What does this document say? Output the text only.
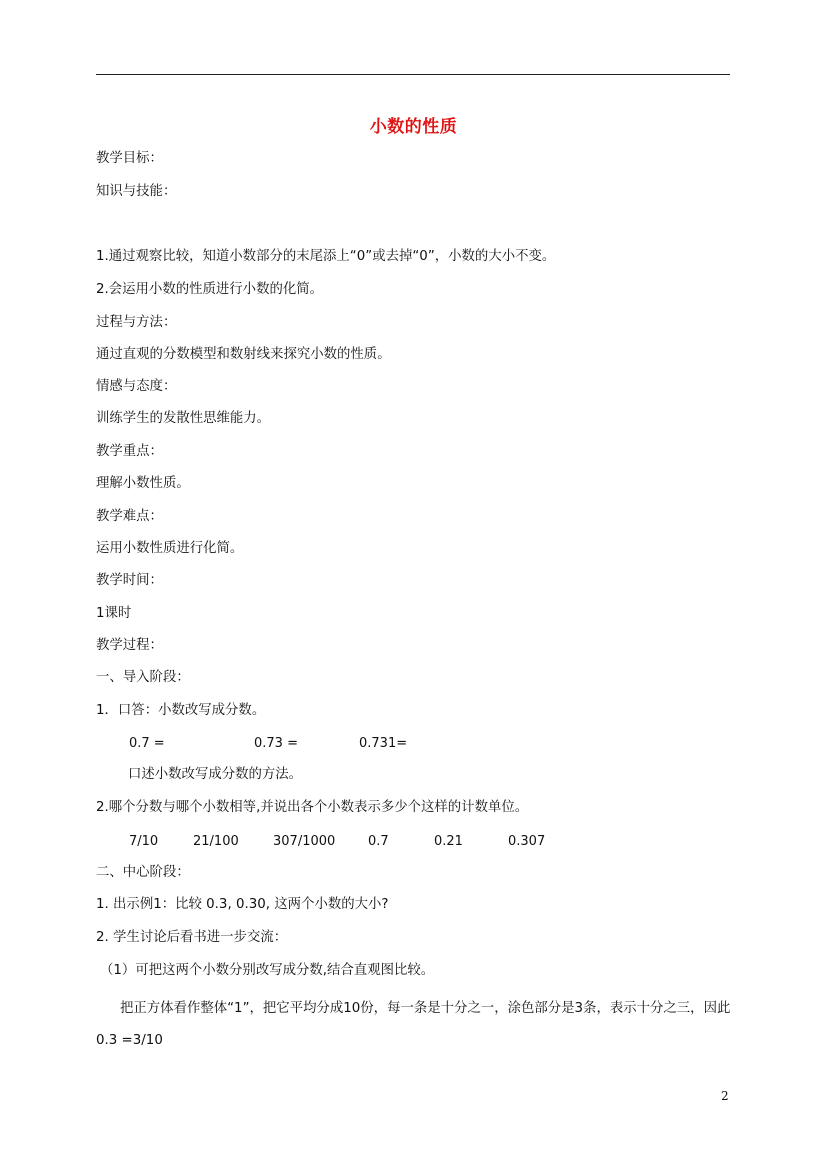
小数的性质
教学目标：
知识与技能：
1.通过观察比较，知道小数部分的末尾添上“0”或去掉“0”，小数的大小不变。
2.会运用小数的性质进行小数的化简。
过程与方法：
通过直观的分数模型和数射线来探究小数的性质。
情感与态度：
训练学生的发散性思维能力。
教学重点：
理解小数性质。
教学难点：
运用小数性质进行化简。
教学时间：
1课时
教学过程：
一、导入阶段：
1．口答：小数改写成分数。
0.7 =	0.73 =	0.731=
口述小数改写成分数的方法。
2.哪个分数与哪个小数相等,并说出各个小数表示多少个这样的计数单位。
7/10	21/100	307/1000	0.7	0.21	0.307
二、中心阶段：
1. 出示例1：比较 0.3, 0.30, 这两个小数的大小?
2. 学生讨论后看书进一步交流：
（1）可把这两个小数分别改写成分数,结合直观图比较。
把正方体看作整体“1”，把它平均分成10份，每一条是十分之一，涂色部分是3条，表示十分之三，因此0.3 =3/10
2
